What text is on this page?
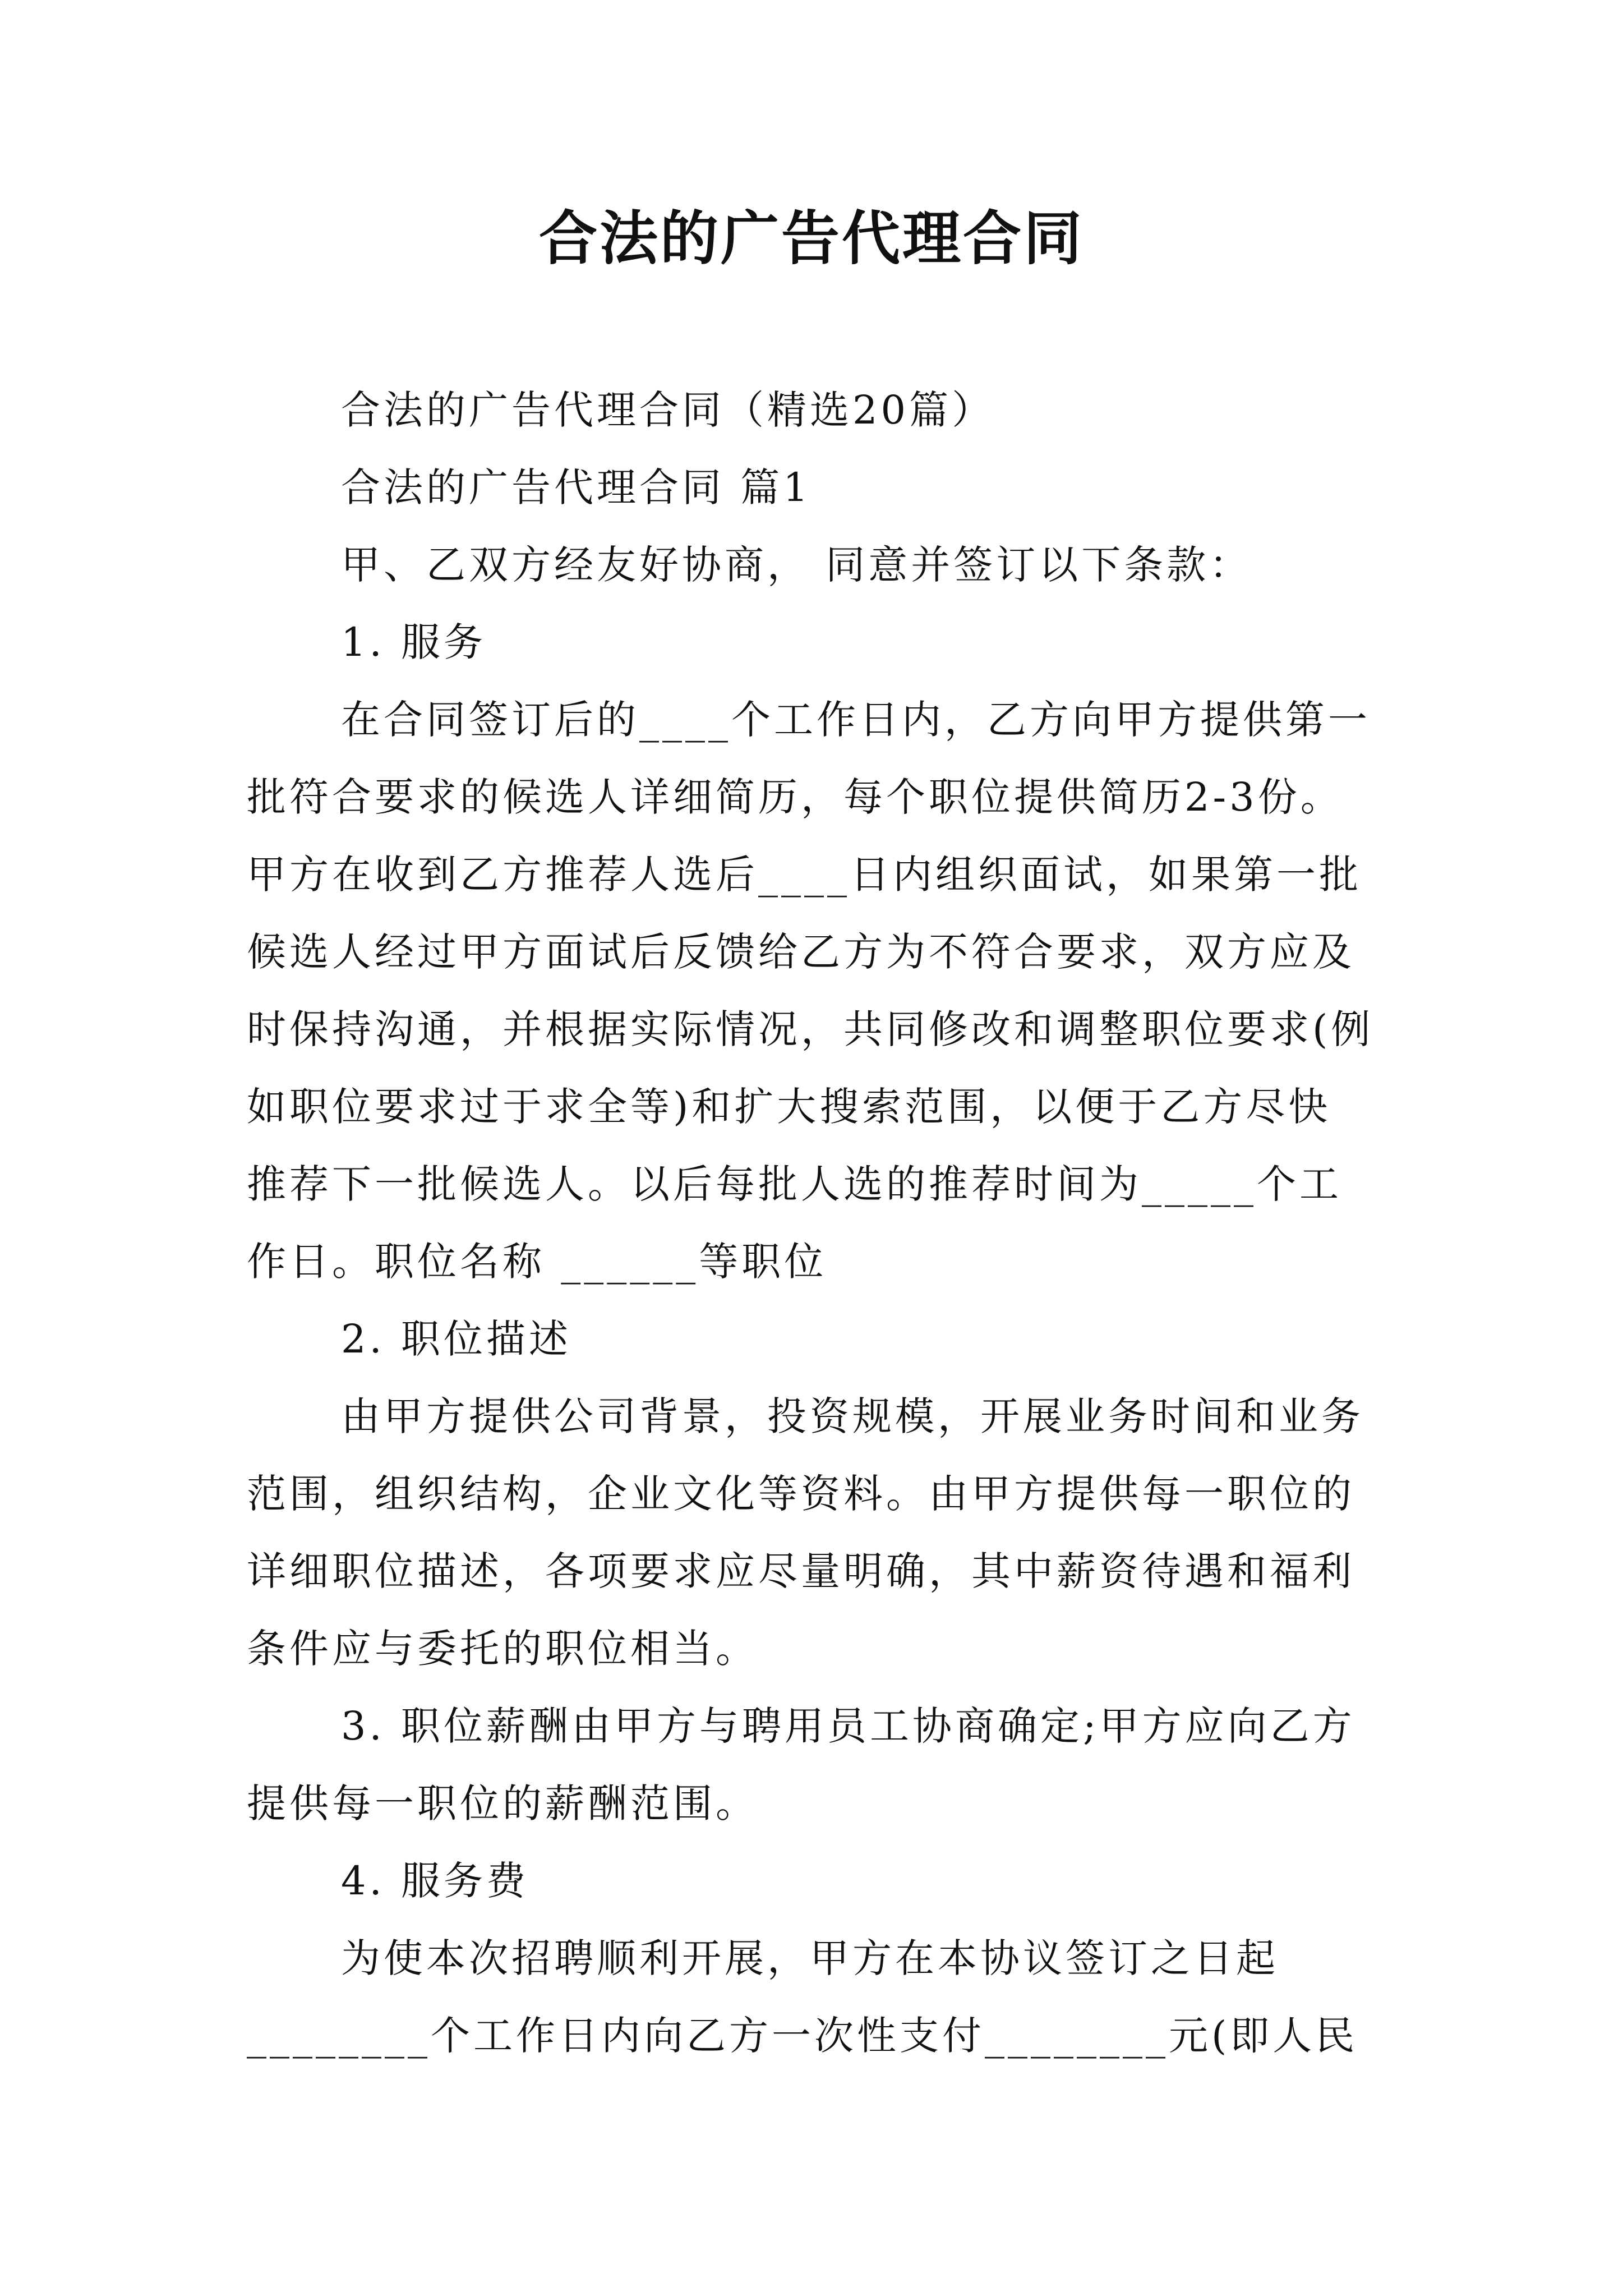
合法的广告代理合同
合法的广告代理合同（精选20篇）
合法的广告代理合同 篇1
甲、乙双方经友好协商， 同意并签订以下条款：
1. 服务
在合同签订后的____个工作日内，乙方向甲方提供第一
批符合要求的候选人详细简历，每个职位提供简历2-3份。
甲方在收到乙方推荐人选后____日内组织面试，如果第一批
候选人经过甲方面试后反馈给乙方为不符合要求，双方应及
时保持沟通，并根据实际情况，共同修改和调整职位要求(例
如职位要求过于求全等)和扩大搜索范围，以便于乙方尽快
推荐下一批候选人。以后每批人选的推荐时间为_____个工
作日。职位名称 ______等职位
2. 职位描述
由甲方提供公司背景，投资规模，开展业务时间和业务
范围，组织结构，企业文化等资料。由甲方提供每一职位的
详细职位描述，各项要求应尽量明确，其中薪资待遇和福利
条件应与委托的职位相当。
3. 职位薪酬由甲方与聘用员工协商确定;甲方应向乙方
提供每一职位的薪酬范围。
4. 服务费
为使本次招聘顺利开展，甲方在本协议签订之日起
________个工作日内向乙方一次性支付________元(即人民
